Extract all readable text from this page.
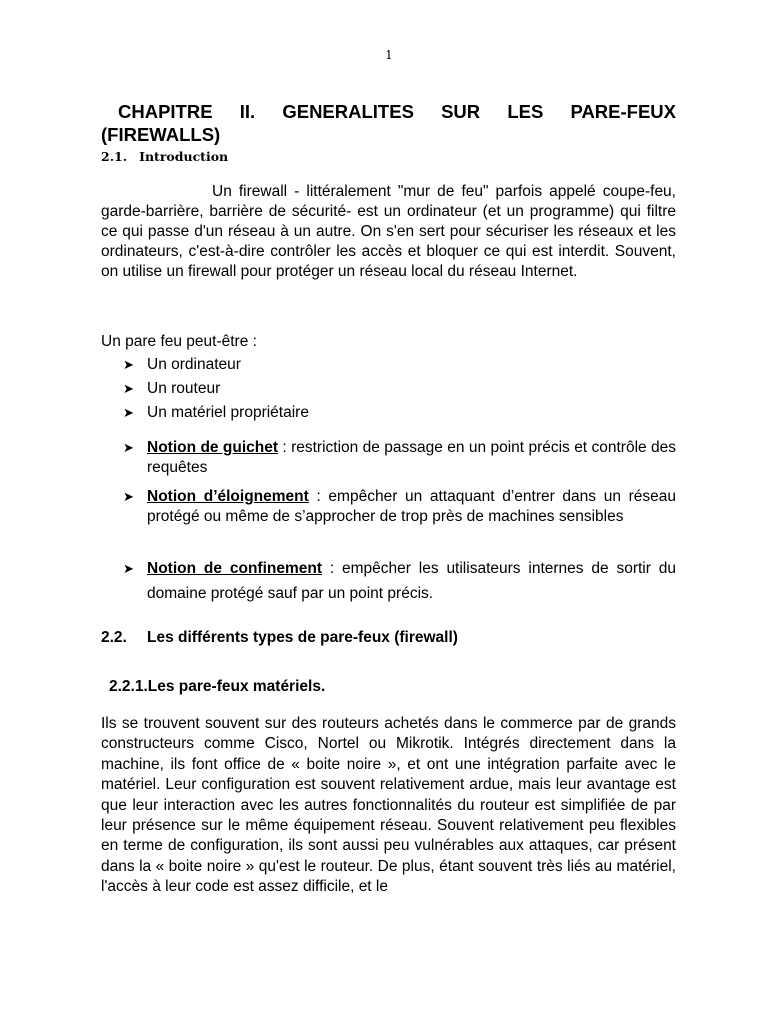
1
CHAPITRE II. GENERALITES SUR LES PARE-FEUX (FIREWALLS)
2.1. Introduction

Un firewall - littéralement "mur de feu" parfois appelé coupe-feu, garde-barrière, barrière de sécurité- est un ordinateur (et un programme) qui filtre ce qui passe d'un réseau à un autre. On s'en sert pour sécuriser les réseaux et les ordinateurs, c'est-à-dire contrôler les accès et bloquer ce qui est interdit. Souvent, on utilise un firewall pour protéger un réseau local du réseau Internet.

Un pare feu peut-être :

➤ Un ordinateur
➤ Un routeur
➤ Un matériel propriétaire
➤ Notion de guichet : restriction de passage en un point précis et contrôle des requêtes
➤ Notion d’éloignement : empêcher un attaquant d’entrer dans un réseau protégé ou même de s’approcher de trop près de machines sensibles
➤ Notion de confinement : empêcher les utilisateurs internes de sortir du domaine protégé sauf par un point précis.
2.2. Les différents types de pare-feux (firewall)
2.2.1.Les pare-feux matériels.

Ils se trouvent souvent sur des routeurs achetés dans le commerce par de grands constructeurs comme Cisco, Nortel ou Mikrotik. Intégrés directement dans la machine, ils font office de « boite noire », et ont une intégration parfaite avec le matériel. Leur configuration est souvent relativement ardue, mais leur avantage est que leur interaction avec les autres fonctionnalités du routeur est simplifiée de par leur présence sur le même équipement réseau. Souvent relativement peu flexibles en terme de configuration, ils sont aussi peu vulnérables aux attaques, car présent dans la « boite noire » qu'est le routeur. De plus, étant souvent très liés au matériel, l'accès à leur code est assez difficile, et le
